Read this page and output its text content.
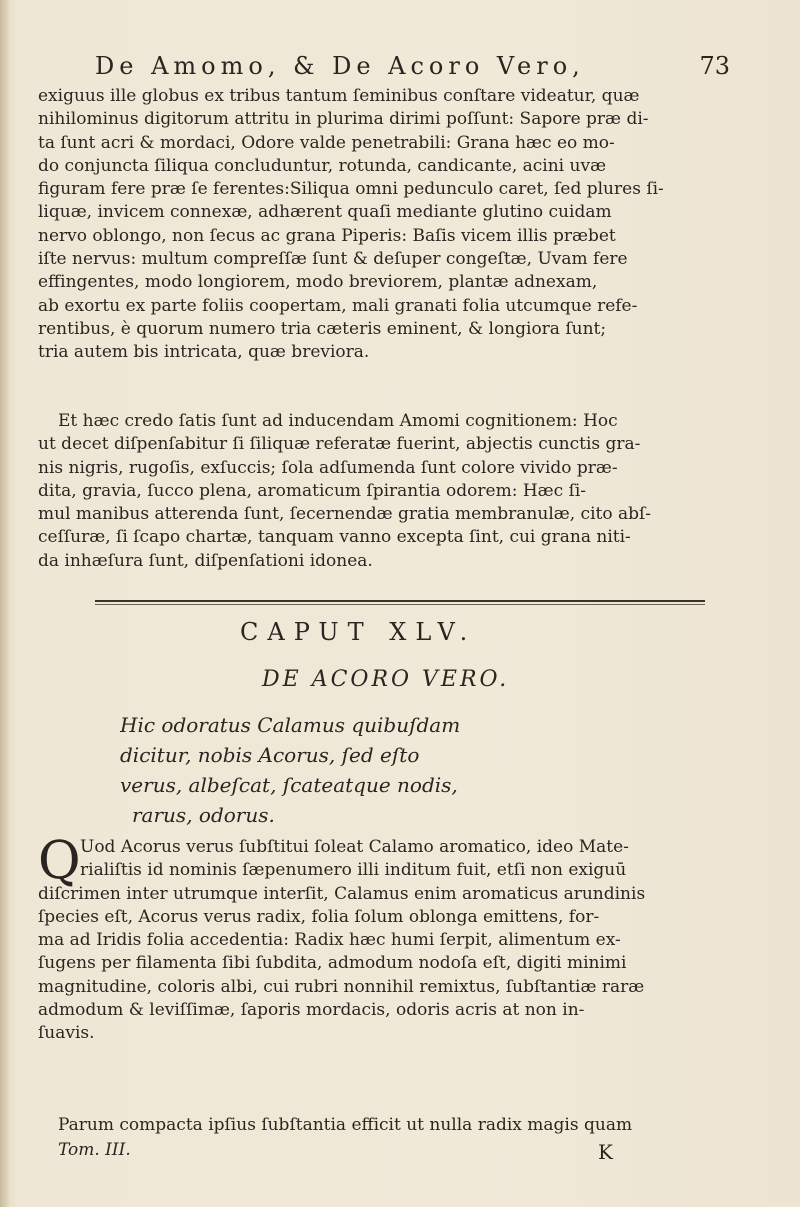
De Amomo, & De Acoro Vero,	73
exiguus ille globus ex tribus tantum ſeminibus conſtare videatur, quæ
nihilominus digitorum attritu in plurima dirimi poſſunt: Sapore præ di-
ta ſunt acri & mordaci, Odore valde penetrabili: Grana hæc eo mo-
do conjuncta ſiliqua concluduntur, rotunda, candicante, acini uvæ
figuram fere præ ſe ferentes:Siliqua omni pedunculo caret, ſed plures ſi-
liquæ, invicem connexæ, adhærent quaſi mediante glutino cuidam
nervo oblongo, non ſecus ac grana Piperis: Baſis vicem illis præbet
iſte nervus: multum compreſſæ ſunt & deſuper congeſtæ, Uvam fere
effingentes, modo longiorem, modo breviorem, plantæ adnexam,
ab exortu ex parte foliis coopertam, mali granati folia utcumque refe-
rentibus, è quorum numero tria cæteris eminent, & longiora ſunt;
tria autem bis intricata, quæ breviora.
Et hæc credo ſatis ſunt ad inducendam Amomi cognitionem: Hoc
ut decet diſpenſabitur ſi ſiliquæ referatæ fuerint, abjectis cunctis gra-
nis nigris, rugoſis, exſuccis; ſola adſumenda ſunt colore vivido præ-
dita, gravia, ſucco plena, aromaticum ſpirantia odorem: Hæc ſi-
mul manibus atterenda ſunt, ſecernendæ gratia membranulæ, cito abſ-
ceſſuræ, ſi ſcapo chartæ, tanquam vanno excepta ſint, cui grana niti-
da inhæſura ſunt, diſpenſationi idonea.
CAPUT XLV.
DE ACORO VERO.
Hic odoratus Calamus quibuſdam
dicitur, nobis Acorus, ſed eſto
verus, albeſcat, ſcateatque nodis,
rarus, odorus.
Q Uod Acorus verus ſubſtitui ſoleat Calamo aromatico, ideo Mate-
rialiſtis id nominis ſæpenumero illi inditum fuit, etſi non exiguū
diſcrimen inter utrumque interſit, Calamus enim aromaticus arundinis
ſpecies eſt, Acorus verus radix, folia ſolum oblonga emittens, for-
ma ad Iridis folia accedentia: Radix hæc humi ſerpit, alimentum ex-
ſugens per filamenta ſibi ſubdita, admodum nodoſa eſt, digiti minimi
magnitudine, coloris albi, cui rubri nonnihil remixtus, ſubſtantiæ raræ
admodum & leviſſimæ, ſaporis mordacis, odoris acris at non in-
ſuavis.
Parum compacta ipſius ſubſtantia efficit ut nulla radix magis quam
Tom. III.	K
